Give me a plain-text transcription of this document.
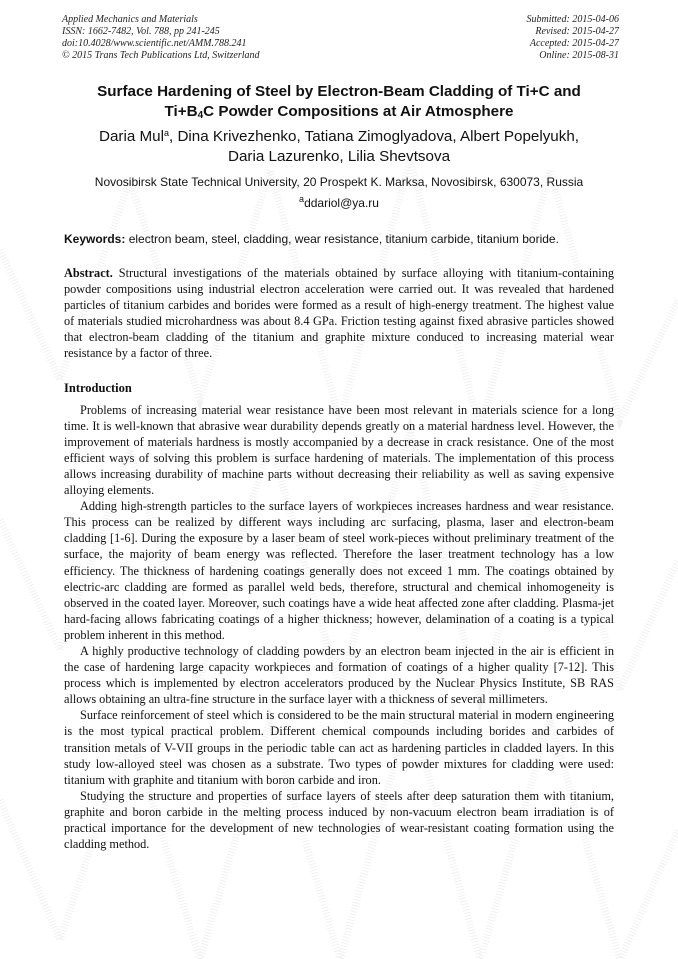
Applied Mechanics and Materials
ISSN: 1662-7482, Vol. 788, pp 241-245
doi:10.4028/www.scientific.net/AMM.788.241
© 2015 Trans Tech Publications Ltd, Switzerland
Submitted: 2015-04-06
Revised: 2015-04-27
Accepted: 2015-04-27
Online: 2015-08-31
Surface Hardening of Steel by Electron-Beam Cladding of Ti+C and
$Ti+B_4C$ Powder Compositions at Air Atmosphere
Daria Mul$^a$, Dina Krivezhenko, Tatiana Zimoglyadova, Albert Popelyukh,
Daria Lazurenko, Lilia Shevtsova
Novosibirsk State Technical University, 20 Prospekt K. Marksa, Novosibirsk, 630073, Russia
$^a$ddariol@ya.ru
Keywords: electron beam, steel, cladding, wear resistance, titanium carbide, titanium boride.
Abstract. Structural investigations of the materials obtained by surface alloying with titanium-containing powder compositions using industrial electron acceleration were carried out. It was revealed that hardened particles of titanium carbides and borides were formed as a result of high-energy treatment. The highest value of materials studied microhardness was about 8.4 GPa. Friction testing against fixed abrasive particles showed that electron-beam cladding of the titanium and graphite mixture conduced to increasing material wear resistance by a factor of three.
Introduction

Problems of increasing material wear resistance have been most relevant in materials science for a long time. It is well-known that abrasive wear durability depends greatly on a material hardness level. However, the improvement of materials hardness is mostly accompanied by a decrease in crack resistance. One of the most efficient ways of solving this problem is surface hardening of materials. The implementation of this process allows increasing durability of machine parts without decreasing their reliability as well as saving expensive alloying elements.

Adding high-strength particles to the surface layers of workpieces increases hardness and wear resistance. This process can be realized by different ways including arc surfacing, plasma, laser and electron-beam cladding [1-6]. During the exposure by a laser beam of steel work-pieces without preliminary treatment of the surface, the majority of beam energy was reflected. Therefore the laser treatment technology has a low efficiency. The thickness of hardening coatings generally does not exceed 1 mm. The coatings obtained by electric-arc cladding are formed as parallel weld beds, therefore, structural and chemical inhomogeneity is observed in the coated layer. Moreover, such coatings have a wide heat affected zone after cladding. Plasma-jet hard-facing allows fabricating coatings of a higher thickness; however, delamination of a coating is a typical problem inherent in this method.

A highly productive technology of cladding powders by an electron beam injected in the air is efficient in the case of hardening large capacity workpieces and formation of coatings of a higher quality [7-12]. This process which is implemented by electron accelerators produced by the Nuclear Physics Institute, SB RAS allows obtaining an ultra-fine structure in the surface layer with a thickness of several millimeters.

Surface reinforcement of steel which is considered to be the main structural material in modern engineering is the most typical practical problem. Different chemical compounds including borides and carbides of transition metals of V-VII groups in the periodic table can act as hardening particles in cladded layers. In this study low-alloyed steel was chosen as a substrate. Two types of powder mixtures for cladding were used: titanium with graphite and titanium with boron carbide and iron.

Studying the structure and properties of surface layers of steels after deep saturation them with titanium, graphite and boron carbide in the melting process induced by non-vacuum electron beam irradiation is of practical importance for the development of new technologies of wear-resistant coating formation using the cladding method.
